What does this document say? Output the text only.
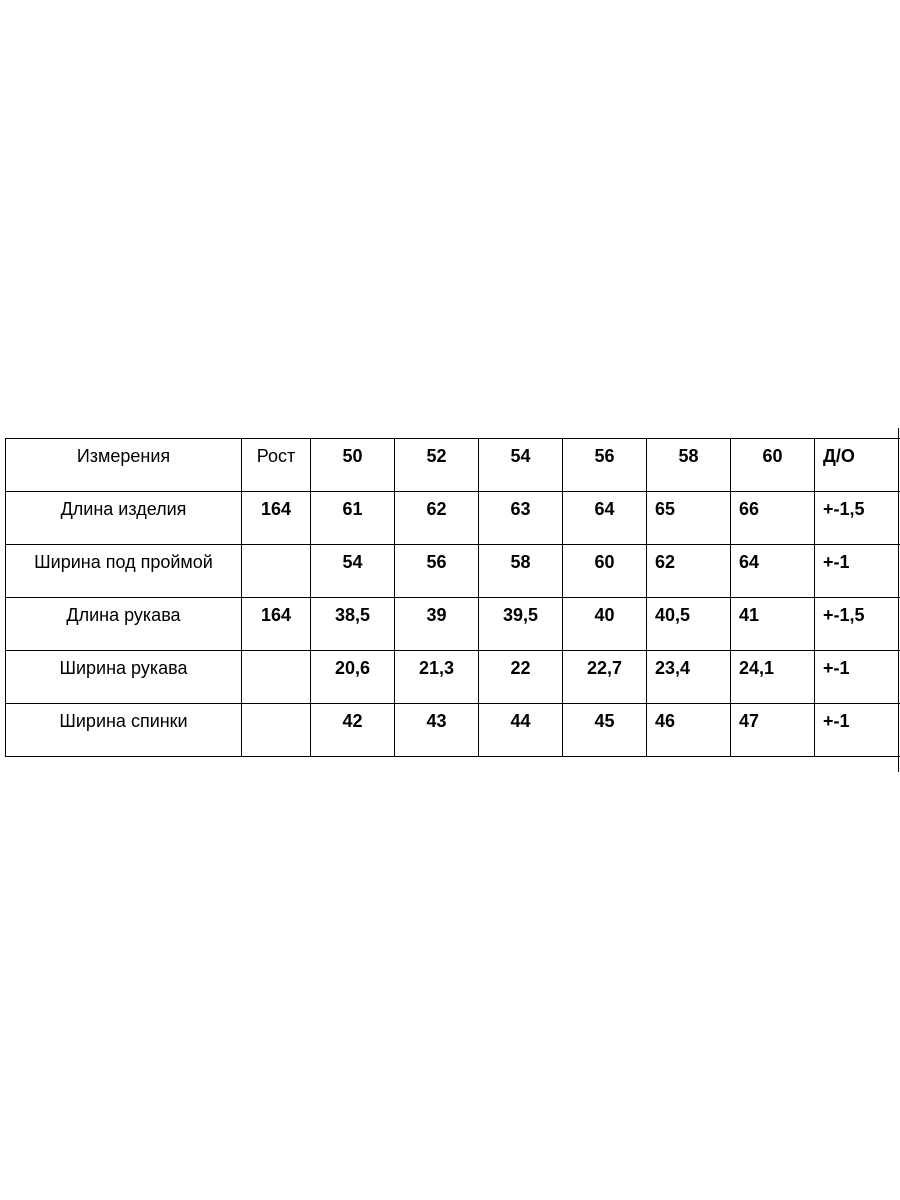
Измерения	Рост	50	52	54	56	58	60	Д/О
Длина изделия	164	61	62	63	64	65	66	+-1,5
Ширина под проймой		54	56	58	60	62	64	+-1
Длина рукава	164	38,5	39	39,5	40	40,5	41	+-1,5
Ширина рукава		20,6	21,3	22	22,7	23,4	24,1	+-1
Ширина спинки		42	43	44	45	46	47	+-1
